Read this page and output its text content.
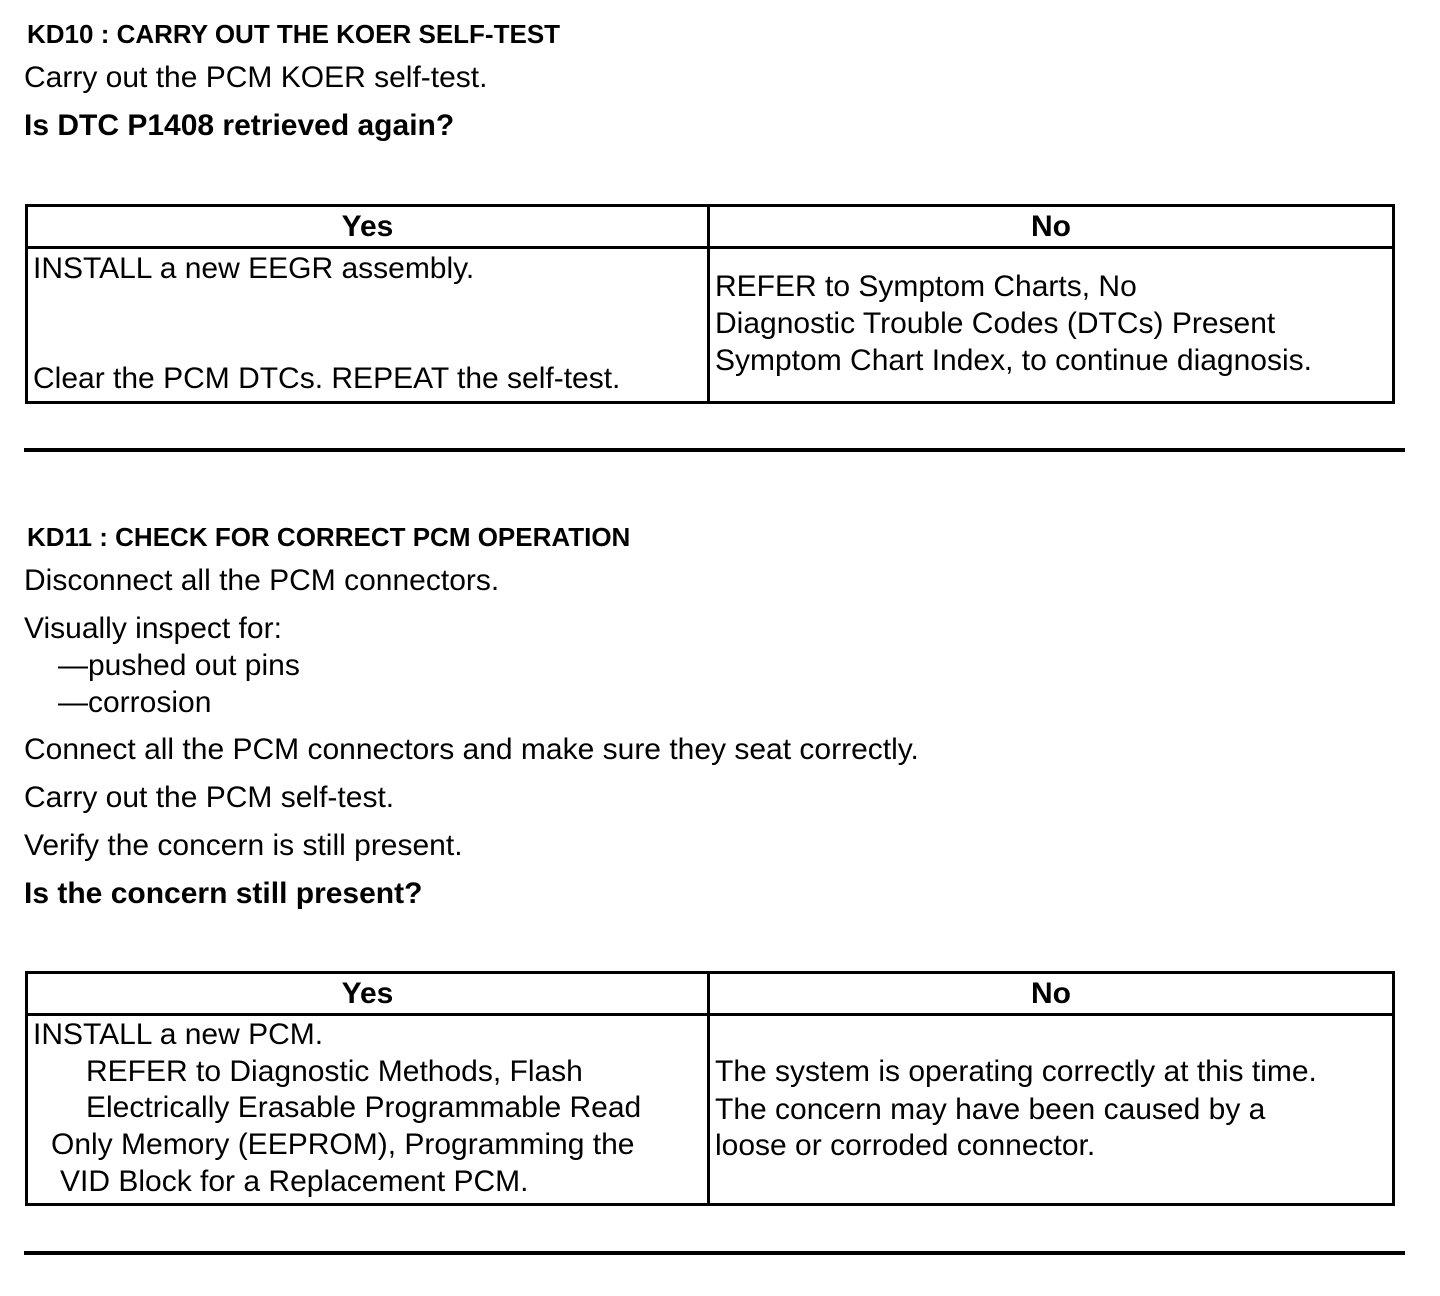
KD10 : CARRY OUT THE KOER SELF-TEST
Carry out the PCM KOER self-test.
Is DTC P1408 retrieved again?
Yes	No

INSTALL a new EEGR assembly.
Clear the PCM DTCs. REPEAT the self-test.	REFER to Symptom Charts, No
Diagnostic Trouble Codes (DTCs) Present
Symptom Chart Index, to continue diagnosis.
KD11 : CHECK FOR CORRECT PCM OPERATION
Disconnect all the PCM connectors.
Visually inspect for:
—pushed out pins
—corrosion
Connect all the PCM connectors and make sure they seat correctly.
Carry out the PCM self-test.
Verify the concern is still present.
Is the concern still present?
Yes	No

INSTALL a new PCM.
REFER to Diagnostic Methods, Flash
Electrically Erasable Programmable Read
Only Memory (EEPROM), Programming the
VID Block for a Replacement PCM.	The system is operating correctly at this time.
The concern may have been caused by a
loose or corroded connector.
